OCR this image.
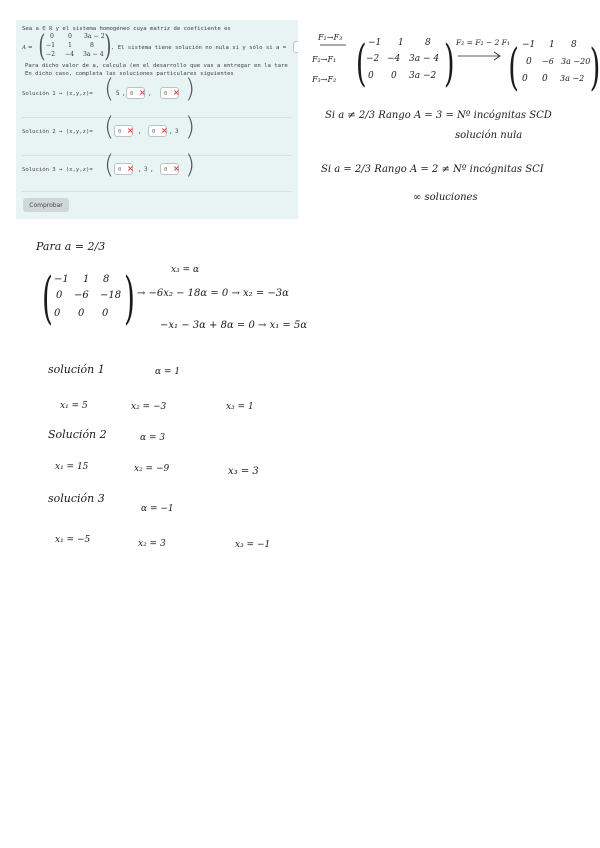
Sea a ∈ ℝ y el sistema homogéneo cuya matriz de coeficiente es
A = ( 0 0 3a − 2
−1 1	8
−2 −4 3a − 4 ) . El sistema tiene solución no nula si y sólo si a =
Para dicho valor de a, calcula (en el desarrollo que vas a entregar en la tare
En dicho caso, completa las soluciones particulares siguientes
Solución 1 → (x,y,z)= ( 5 , 0 × ,	0 × )
Solución 2 → (x,y,z)= ( 0 × ,	0 × , 3 )
Solución 3 → (x,y,z)= ( 0 × , 3 ,	0 × )
Comprobar
F₁→F₃
F₂→F₁
F₃→F₂ ( −1 1 8
−2 −4 3a − 4
0 0 3a −2 ) F₂ = F₂ − 2 F₁
( −1 1 8
0 −6 3a −20
0 0 3a −2 )
Si a ≠ 2/3 Rango A = 3 = Nº incógnitas SCD
solución nula
Si a = 2/3 Rango A = 2 ≠ Nº incógnitas SCI
∞ soluciones
Para a = 2/3
( −1 1 8
0 −6 −18
0 0 0 )	x₃ = α
→ −6x₂ − 18α = 0 → x₂ = −3α
−x₁ − 3α + 8α = 0 → x₁ = 5α
solución 1	α = 1
x₁ = 5	x₂ = −3	x₃ = 1
Solución 2	α = 3
x₁ = 15	x₂ = −9	x₃ = 3
solución 3
α = −1
x₁ = −5	x₂ = 3	x₃ = −1
